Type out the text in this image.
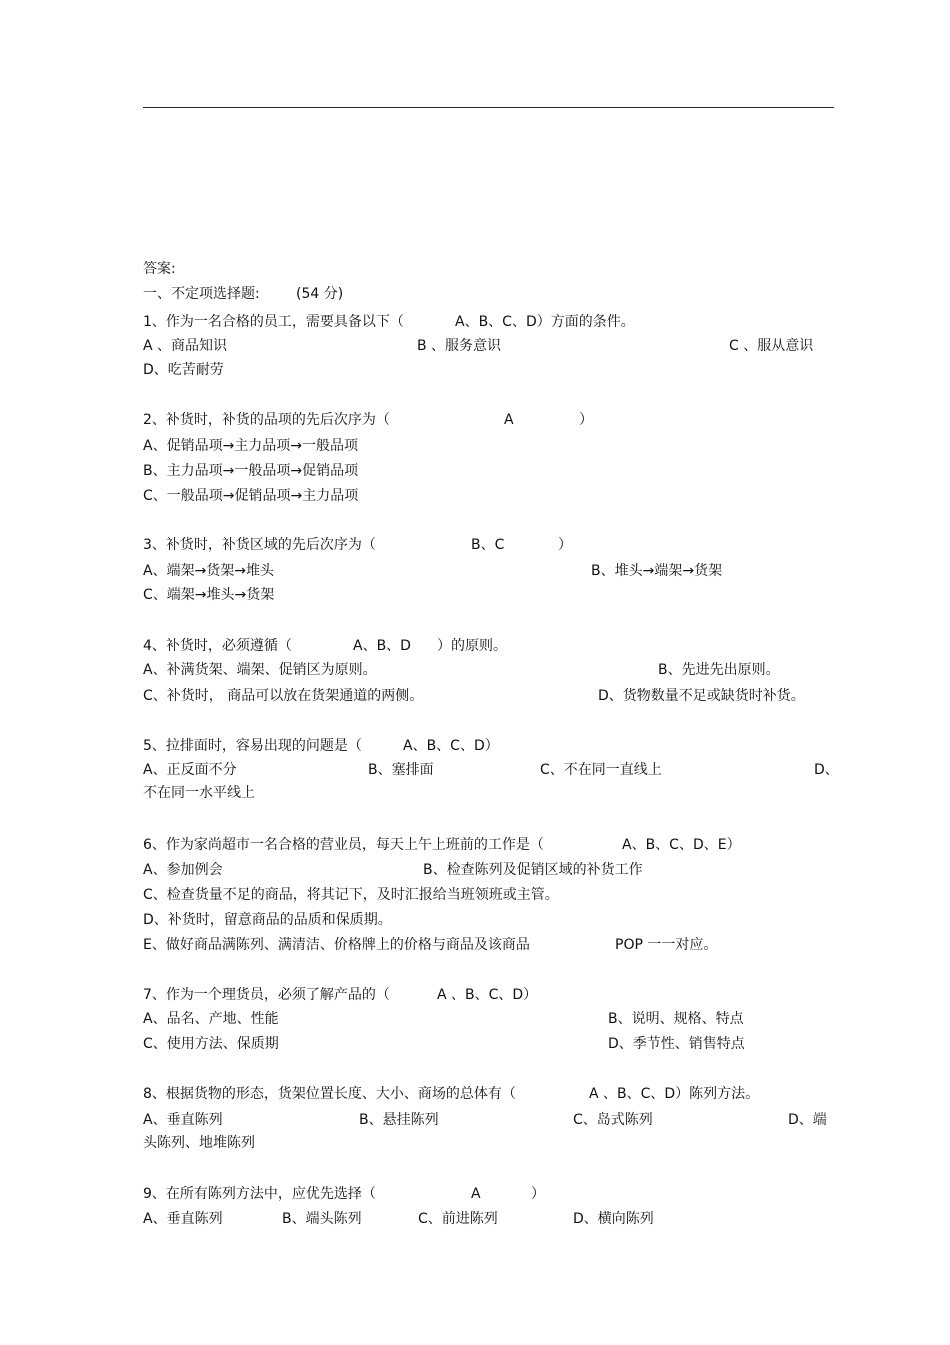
答案:
一、不定项选择题:	(54 分)
1、作为一名合格的员工，需要具备以下（	A、B、C、D）方面的条件。
A 、商品知识	B 、服务意识	C 、服从意识
D、吃苦耐劳
2、补货时，补货的品项的先后次序为（	A	）
A、促销品项→主力品项→一般品项
B、主力品项→一般品项→促销品项
C、一般品项→促销品项→主力品项
3、补货时，补货区域的先后次序为（	B、C	）
A、端架→货架→堆头	B、堆头→端架→货架
C、端架→堆头→货架
4、补货时，必须遵循（	A、B、D ）的原则。
A、补满货架、端架、促销区为原则。	B、先进先出原则。
C、补货时， 商品可以放在货架通道的两侧。	D、货物数量不足或缺货时补货。
5、拉排面时，容易出现的问题是（	A、B、C、D）
A、正反面不分	B、塞排面	C、不在同一直线上	D、
不在同一水平线上
6、作为家尚超市一名合格的营业员，每天上午上班前的工作是（	A、B、C、D、E）
A、参加例会	B、检查陈列及促销区域的补货工作
C、检查货量不足的商品，将其记下，及时汇报给当班领班或主管。
D、补货时，留意商品的品质和保质期。
E、做好商品满陈列、满清洁、价格牌上的价格与商品及该商品	POP 一一对应。
7、作为一个理货员，必须了解产品的（	A 、B、C、D）
A、品名、产地、性能	B、说明、规格、特点
C、使用方法、保质期	D、季节性、销售特点
8、根据货物的形态，货架位置长度、大小、商场的总体有（	A 、B、C、D）陈列方法。
A、垂直陈列	B、悬挂陈列	C、岛式陈列	D、端
头陈列、地堆陈列
9、在所有陈列方法中，应优先选择（	A	）
A、垂直陈列	B、端头陈列	C、前进陈列	D、横向陈列
